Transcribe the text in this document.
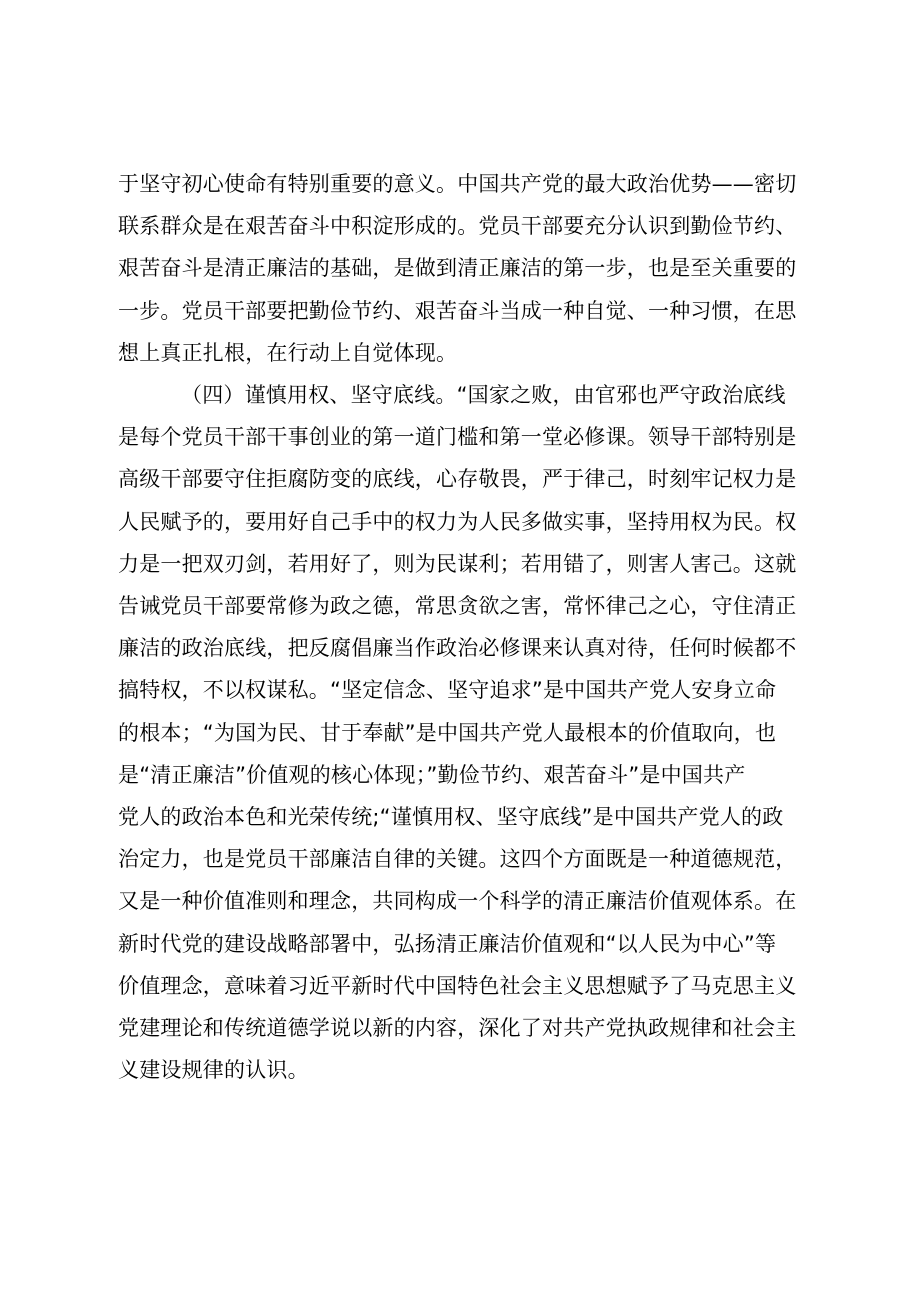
于坚守初心使命有特别重要的意义。中国共产党的最大政治优势——密切
联系群众是在艰苦奋斗中积淀形成的。党员干部要充分认识到勤俭节约、
艰苦奋斗是清正廉洁的基础，是做到清正廉洁的第一步，也是至关重要的
一步。党员干部要把勤俭节约、艰苦奋斗当成一种自觉、一种习惯，在思
想上真正扎根，在行动上自觉体现。
（四）谨慎用权、坚守底线。“国家之败，由官邪也严守政治底线
是每个党员干部干事创业的第一道门槛和第一堂必修课。领导干部特别是
高级干部要守住拒腐防变的底线，心存敬畏，严于律己，时刻牢记权力是
人民赋予的，要用好自己手中的权力为人民多做实事，坚持用权为民。权
力是一把双刃剑，若用好了，则为民谋利；若用错了，则害人害己。这就
告诫党员干部要常修为政之德，常思贪欲之害，常怀律己之心，守住清正
廉洁的政治底线，把反腐倡廉当作政治必修课来认真对待，任何时候都不
搞特权，不以权谋私。“坚定信念、坚守追求”是中国共产党人安身立命
的根本；“为国为民、甘于奉献”是中国共产党人最根本的价值取向，也
是“清正廉洁”价值观的核心体现；”勤俭节约、艰苦奋斗”是中国共产
党人的政治本色和光荣传统;“谨慎用权、坚守底线”是中国共产党人的政
治定力，也是党员干部廉洁自律的关键。这四个方面既是一种道德规范，
又是一种价值准则和理念，共同构成一个科学的清正廉洁价值观体系。在
新时代党的建设战略部署中，弘扬清正廉洁价值观和“以人民为中心”等
价值理念，意味着习近平新时代中国特色社会主义思想赋予了马克思主义
党建理论和传统道德学说以新的内容，深化了对共产党执政规律和社会主
义建设规律的认识。
